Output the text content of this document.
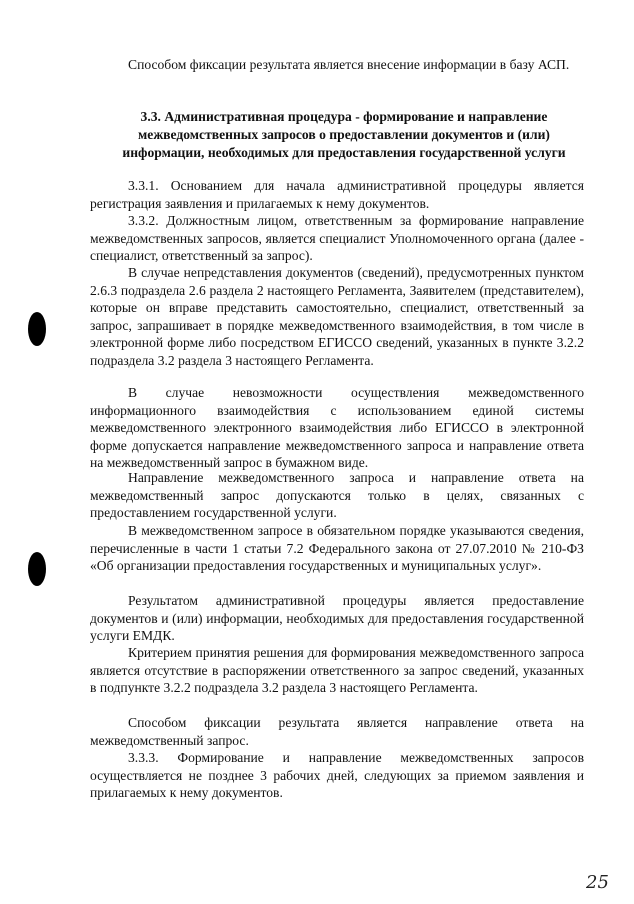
Способом фиксации результата является внесение информации в базу АСП.

3.3. Административная процедура - формирование и направление межведомственных запросов о предоставлении документов и (или) информации, необходимых для предоставления государственной услуги

3.3.1. Основанием для начала административной процедуры является регистрация заявления и прилагаемых к нему документов.

3.3.2. Должностным лицом, ответственным за формирование направление межведомственных запросов, является специалист Уполномоченного органа (далее - специалист, ответственный за запрос).

В случае непредставления документов (сведений), предусмотренных пунктом 2.6.3 подраздела 2.6 раздела 2 настоящего Регламента, Заявителем (представителем), которые он вправе представить самостоятельно, специалист, ответственный за запрос, запрашивает в порядке межведомственного взаимодействия, в том числе в электронной форме либо посредством ЕГИССО сведений, указанных в пункте 3.2.2 подраздела 3.2 раздела 3 настоящего Регламента.

В случае невозможности осуществления межведомственного информационного взаимодействия с использованием единой системы межведомственного электронного взаимодействия либо ЕГИССО в электронной форме допускается направление межведомственного запроса и направление ответа на межведомственный запрос в бумажном виде.

Направление межведомственного запроса и направление ответа на межведомственный запрос допускаются только в целях, связанных с предоставлением государственной услуги.

В межведомственном запросе в обязательном порядке указываются сведения, перечисленные в части 1 статьи 7.2 Федерального закона от 27.07.2010 № 210-ФЗ «Об организации предоставления государственных и муниципальных услуг».

Результатом административной процедуры является предоставление документов и (или) информации, необходимых для предоставления государственной услуги ЕМДК.

Критерием принятия решения для формирования межведомственного запроса является отсутствие в распоряжении ответственного за запрос сведений, указанных в подпункте 3.2.2 подраздела 3.2 раздела 3 настоящего Регламента.

Способом фиксации результата является направление ответа на межведомственный запрос.

3.3.3. Формирование и направление межведомственных запросов осуществляется не позднее 3 рабочих дней, следующих за приемом заявления и прилагаемых к нему документов.

25
